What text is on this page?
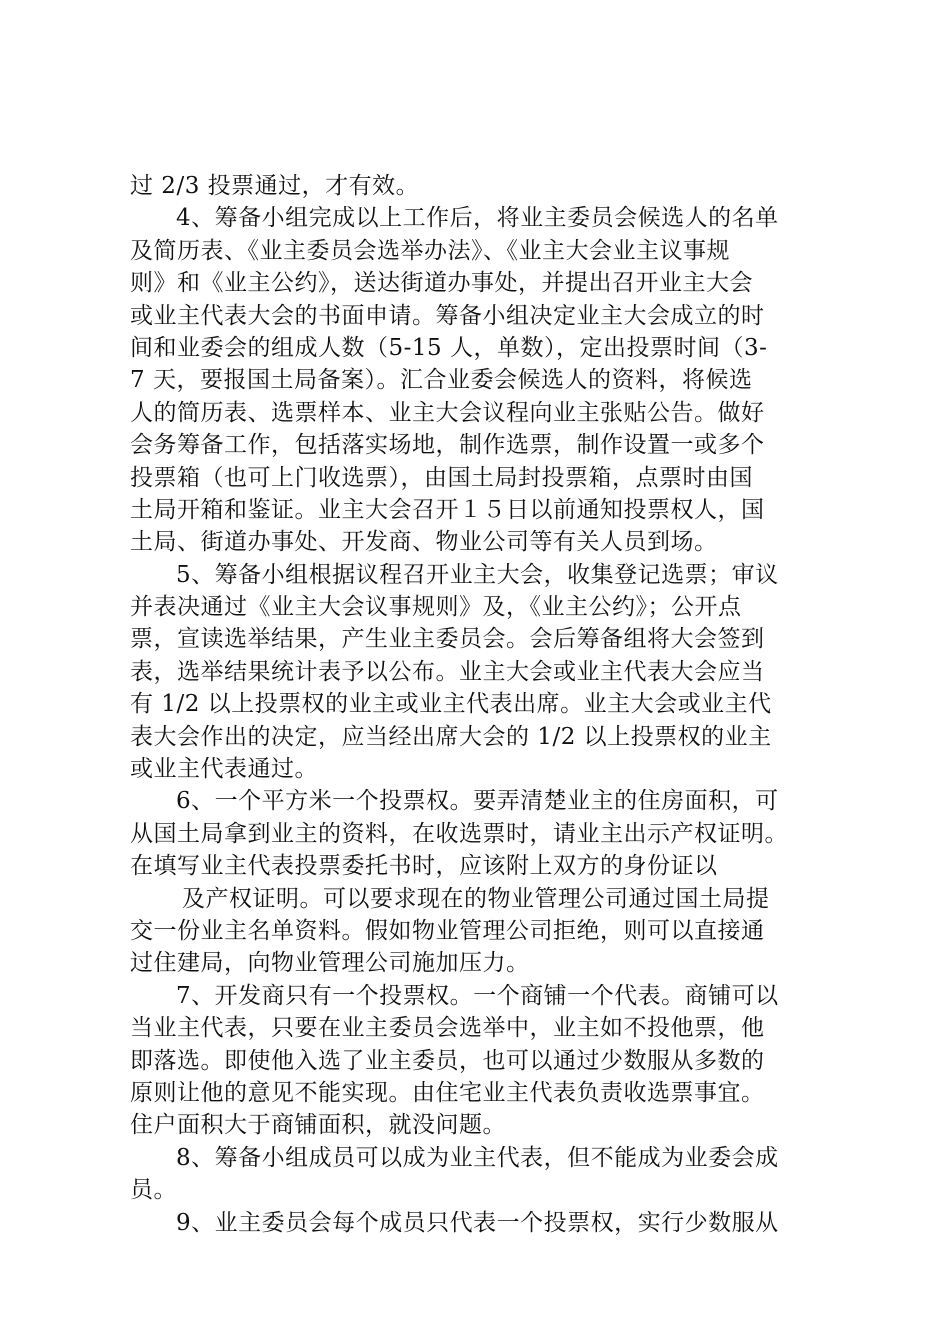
过 2/3 投票通过，才有效。
4、筹备小组完成以上工作后，将业主委员会候选人的名单
及简历表、《业主委员会选举办法》、《业主大会业主议事规
则》和《业主公约》，送达街道办事处，并提出召开业主大会
或业主代表大会的书面申请。筹备小组决定业主大会成立的时
间和业委会的组成人数（5-15 人，单数），定出投票时间（3-
7 天，要报国土局备案）。汇合业委会候选人的资料，将候选
人的简历表、选票样本、业主大会议程向业主张贴公告。做好
会务筹备工作，包括落实场地，制作选票，制作设置一或多个
投票箱（也可上门收选票），由国土局封投票箱，点票时由国
土局开箱和鉴证。业主大会召开１５日以前通知投票权人，国
土局、街道办事处、开发商、物业公司等有关人员到场。
5、筹备小组根据议程召开业主大会，收集登记选票；审议
并表决通过《业主大会议事规则》及，《业主公约》；公开点
票，宣读选举结果，产生业主委员会。会后筹备组将大会签到
表，选举结果统计表予以公布。业主大会或业主代表大会应当
有 1/2 以上投票权的业主或业主代表出席。业主大会或业主代
表大会作出的决定，应当经出席大会的 1/2 以上投票权的业主
或业主代表通过。
6、一个平方米一个投票权。要弄清楚业主的住房面积，可
从国土局拿到业主的资料，在收选票时，请业主出示产权证明。
在填写业主代表投票委托书时，应该附上双方的身份证以
及产权证明。可以要求现在的物业管理公司通过国土局提
交一份业主名单资料。假如物业管理公司拒绝，则可以直接通
过住建局，向物业管理公司施加压力。
7、开发商只有一个投票权。一个商铺一个代表。商铺可以
当业主代表，只要在业主委员会选举中，业主如不投他票，他
即落选。即使他入选了业主委员，也可以通过少数服从多数的
原则让他的意见不能实现。由住宅业主代表负责收选票事宜。
住户面积大于商铺面积，就没问题。
8、筹备小组成员可以成为业主代表，但不能成为业委会成
员。
9、业主委员会每个成员只代表一个投票权，实行少数服从
